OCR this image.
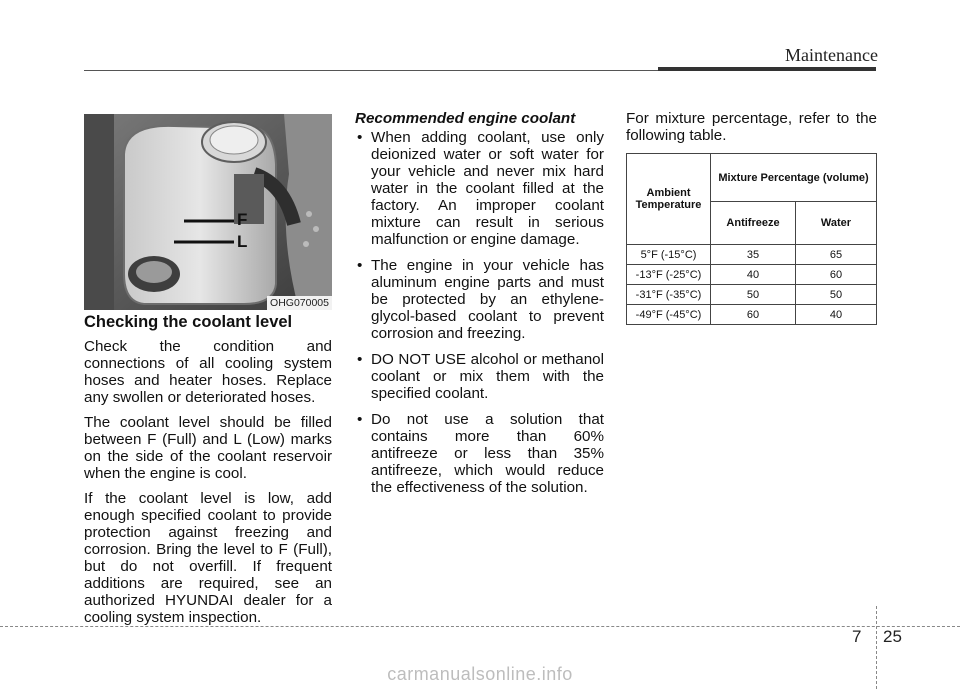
Maintenance
F
L
OHG070005
Checking the coolant level

Check the condition and connections of all cooling system hoses and heater hoses. Replace any swollen or deteriorated hoses.

The coolant level should be filled between F (Full) and L (Low) marks on the side of the coolant reservoir when the engine is cool.

If the coolant level is low, add enough specified coolant to provide protection against freezing and corrosion. Bring the level to F (Full), but do not overfill. If frequent additions are required, see an authorized HYUNDAI dealer for a cooling system inspection.

Recommended engine coolant
• When adding coolant, use only deionized water or soft water for your vehicle and never mix hard water in the coolant filled at the factory. An improper coolant mixture can result in serious malfunction or engine damage.
• The engine in your vehicle has aluminum engine parts and must be protected by an ethylene-glycol-based coolant to prevent corrosion and freezing.
• DO NOT USE alcohol or methanol coolant or mix them with the specified coolant.
• Do not use a solution that contains more than 60% antifreeze or less than 35% antifreeze, which would reduce the effectiveness of the solution.

For mixture percentage, refer to the following table.

Ambient Temperature	Mixture Percentage (volume)	
	Antifreeze	Water
5°F (-15°C)	35	65
-13°F (-25°C)	40	60
-31°F (-35°C)	50	50
-49°F (-45°C)	60	40
7 25
carmanualsonline.info
